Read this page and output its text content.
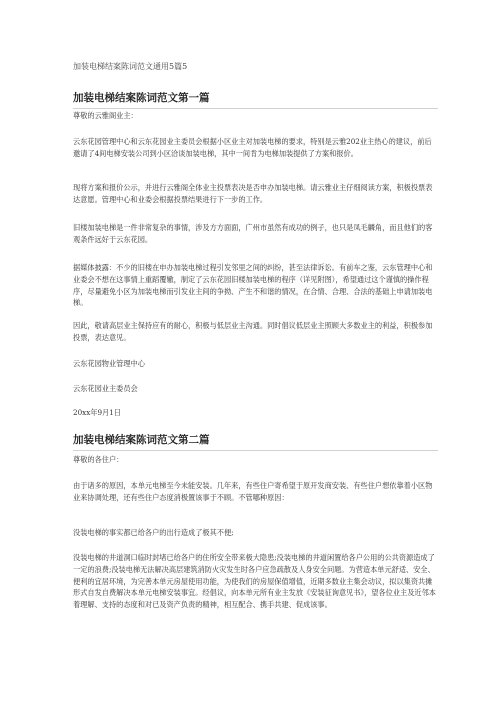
加装电梯结案陈词范文通用5篇5
加装电梯结案陈词范文第一篇
尊敬的云雅阁业主：
云东花园管理中心和云东花园业主委员会根据小区业主对加装电梯的要求，特别是云雅202业主热心的建议，前后邀请了4间电梯安装公司到小区洽谈加装电梯，其中一间肯为电梯加装提供了方案和报价。
现将方案和报价公示，并进行云雅阁全体业主投票表决是否申办加装电梯。请云雅业主仔细阅读方案，积极投票表达意愿。管理中心和业委会根据投票结果进行下一步的工作。
旧楼加装电梯是一件非常复杂的事情，涉及方方面面，广州市虽然有成功的例子，也只是凤毛麟角，而且他们的客观条件远好于云东花园。
据媒体披露：不少的旧楼在申办加装电梯过程引发邻里之间的纠纷，甚至法律诉讼。有前车之鉴，云东管理中心和业委会不想在这事情上重蹈覆辙，制定了云东花园旧楼加装电梯的程序（详见附图），希望通过这个谨慎的操作程序，尽量避免小区为加装电梯而引发业主间的争拗、产生不和谐的情况，在合情、合理、合法的基础上申请加装电梯。
因此，敬请高层业主保持应有的耐心，积极与低层业主沟通。同时倡议低层业主照顾大多数业主的利益，积极参加投票，表达意见。
云东花园物业管理中心
云东花园业主委员会
20xx年9月1日
加装电梯结案陈词范文第二篇
尊敬的各住户：
由于诸多的原因，本单元电梯至今未能安装。几年来，有些住户寄希望于原开发商安装、有些住户想依靠着小区物业来协调处理，还有些住户态度消极置该事于不顾。不管哪种原因：
没装电梯的事实都已给各户的出行造成了极其不便;
没装电梯的井道洞口临时封堵已给各户的住所安全带来极大隐患;没装电梯的井道闲置给各户公用的公共资源造成了一定的浪费;没装电梯无法解决高层建筑消防火灾发生时各户应急疏散及人身安全问题。为营造本单元舒适、安全、便利的宜居环境，为完善本单元房屋使用功能，为使我们的房屋保值增值，近期多数业主集会动议，拟以集资共摊形式自发自费解决本单元电梯安装事宜。经倡议，向本单元所有业主发放《安装征询意见书》，望各位业主及近邻本着理解、支持的态度和对已及资产负责的精神，相互配合、携手共建、促成该事。
